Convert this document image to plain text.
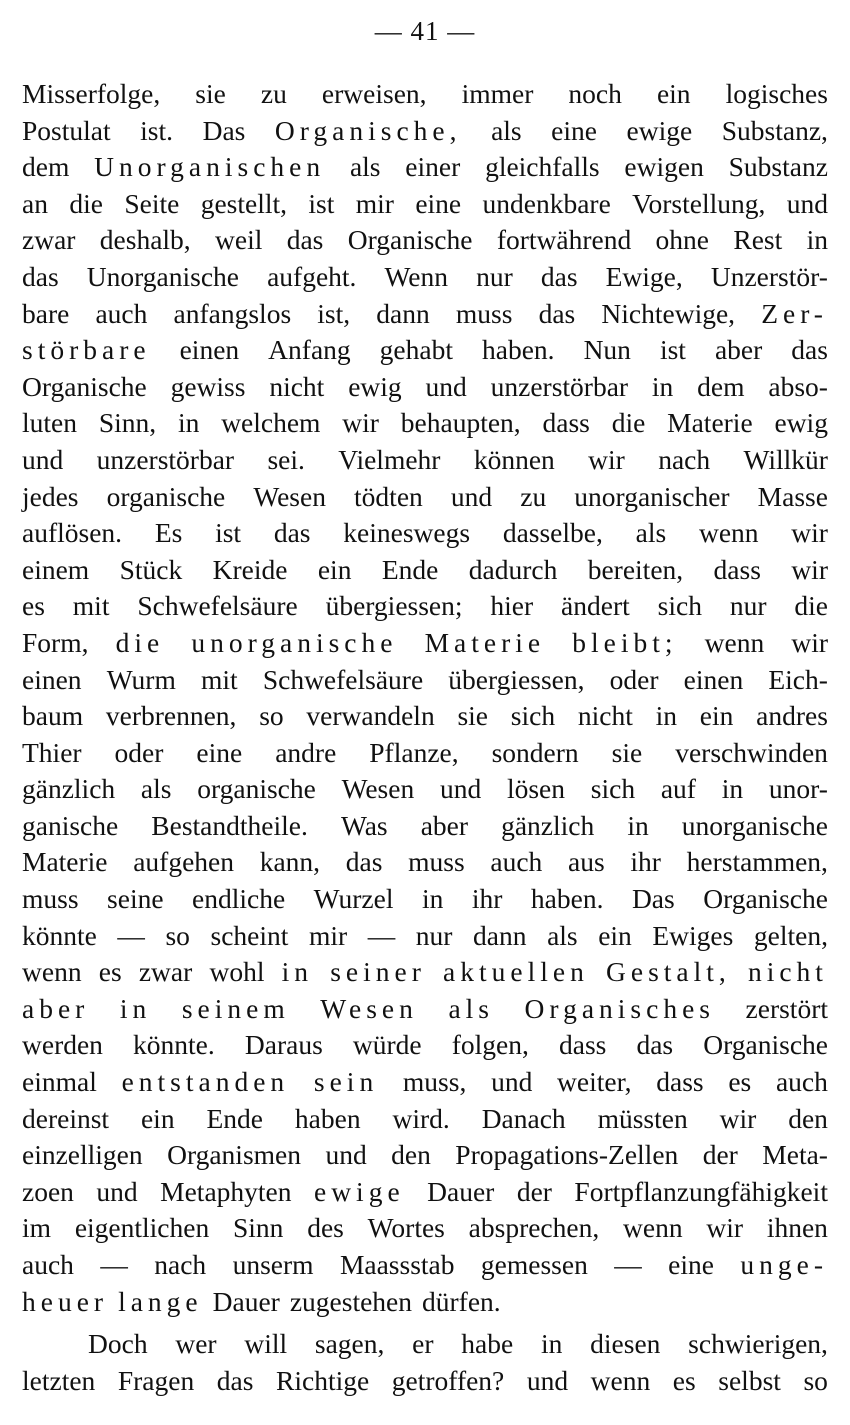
— 41 —
Misserfolge, sie zu erweisen, immer noch ein logisches
Postulat ist. Das Organische, als eine ewige Substanz,
dem Unorganischen als einer gleichfalls ewigen Substanz
an die Seite gestellt, ist mir eine undenkbare Vorstellung, und
zwar deshalb, weil das Organische fortwährend ohne Rest in
das Unorganische aufgeht. Wenn nur das Ewige, Unzerstör-
bare auch anfangslos ist, dann muss das Nichtewige, Zer-
störbare einen Anfang gehabt haben. Nun ist aber das
Organische gewiss nicht ewig und unzerstörbar in dem abso-
luten Sinn, in welchem wir behaupten, dass die Materie ewig
und unzerstörbar sei. Vielmehr können wir nach Willkür
jedes organische Wesen tödten und zu unorganischer Masse
auflösen. Es ist das keineswegs dasselbe, als wenn wir
einem Stück Kreide ein Ende dadurch bereiten, dass wir
es mit Schwefelsäure übergiessen; hier ändert sich nur die
Form, die unorganische Materie bleibt; wenn wir
einen Wurm mit Schwefelsäure übergiessen, oder einen Eich-
baum verbrennen, so verwandeln sie sich nicht in ein andres
Thier oder eine andre Pflanze, sondern sie verschwinden
gänzlich als organische Wesen und lösen sich auf in unor-
ganische Bestandtheile. Was aber gänzlich in unorganische
Materie aufgehen kann, das muss auch aus ihr herstammen,
muss seine endliche Wurzel in ihr haben. Das Organische
könnte — so scheint mir — nur dann als ein Ewiges gelten,
wenn es zwar wohl in seiner aktuellen Gestalt, nicht
aber in seinem Wesen als Organisches zerstört
werden könnte. Daraus würde folgen, dass das Organische
einmal entstanden sein muss, und weiter, dass es auch
dereinst ein Ende haben wird. Danach müssten wir den
einzelligen Organismen und den Propagations-Zellen der Meta-
zoen und Metaphyten ewige Dauer der Fortpflanzungfähigkeit
im eigentlichen Sinn des Wortes absprechen, wenn wir ihnen
auch — nach unserm Maassstab gemessen — eine unge-
heuer lange Dauer zugestehen dürfen.
Doch wer will sagen, er habe in diesen schwierigen,
letzten Fragen das Richtige getroffen? und wenn es selbst so
